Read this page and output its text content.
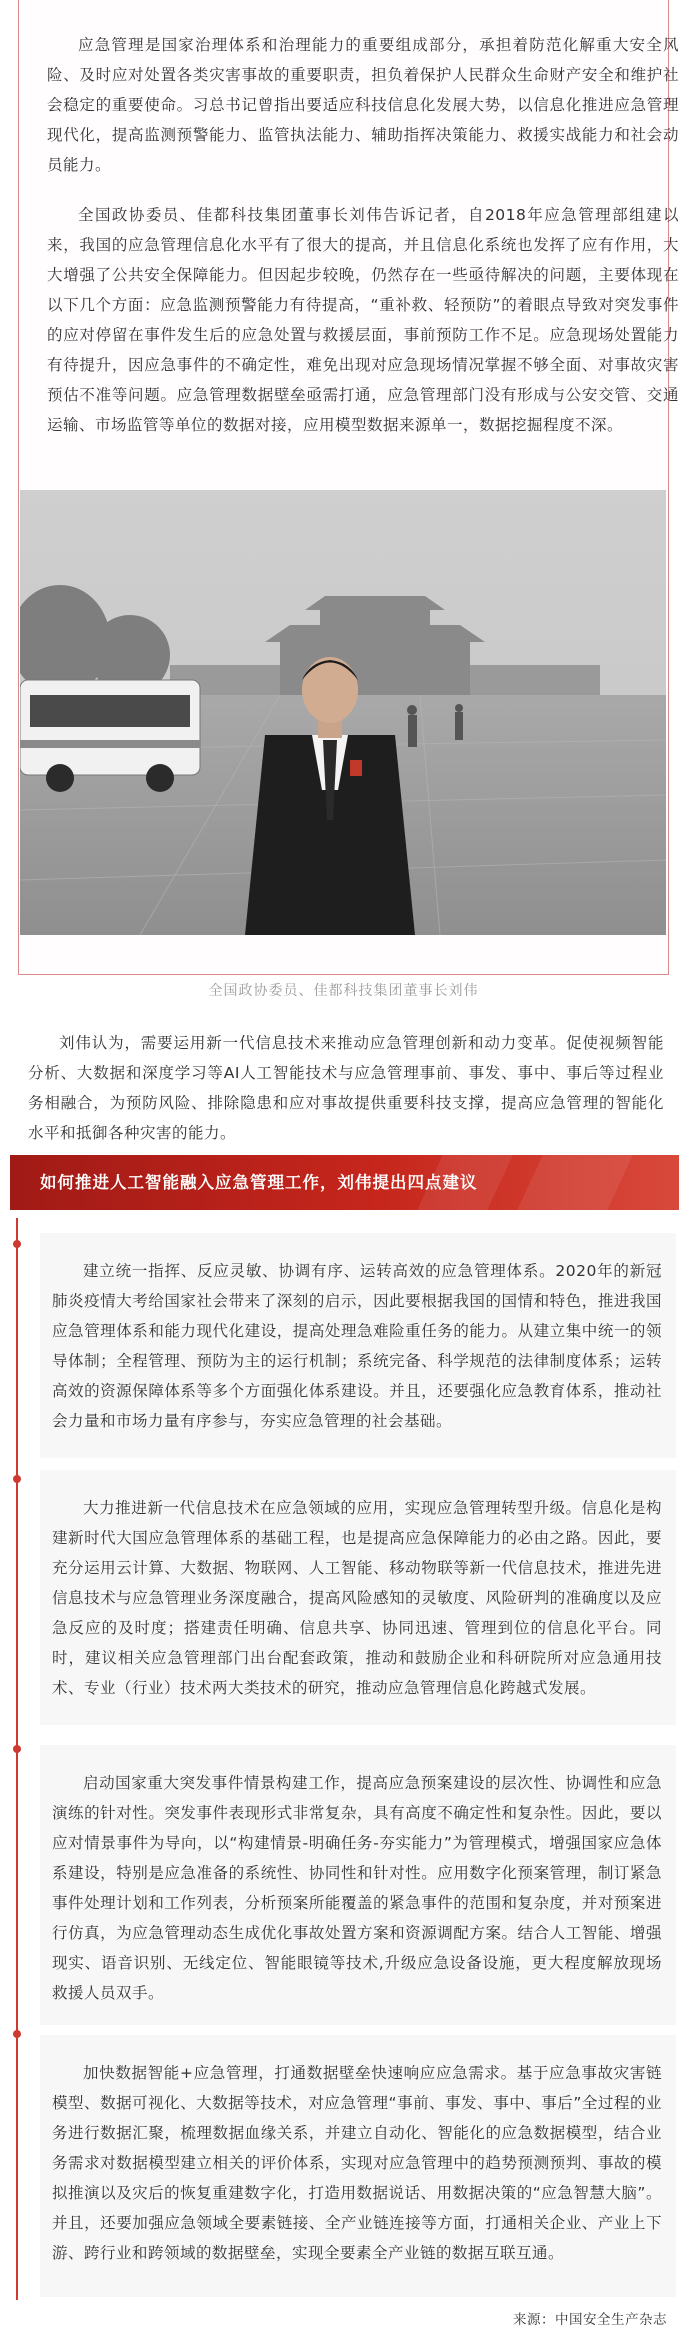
应急管理是国家治理体系和治理能力的重要组成部分，承担着防范化解重大安全风险、及时应对处置各类灾害事故的重要职责，担负着保护人民群众生命财产安全和维护社会稳定的重要使命。习总书记曾指出要适应科技信息化发展大势，以信息化推进应急管理现代化，提高监测预警能力、监管执法能力、辅助指挥决策能力、救援实战能力和社会动员能力。

全国政协委员、佳都科技集团董事长刘伟告诉记者，自2018年应急管理部组建以来，我国的应急管理信息化水平有了很大的提高，并且信息化系统也发挥了应有作用，大大增强了公共安全保障能力。但因起步较晚，仍然存在一些亟待解决的问题，主要体现在以下几个方面：应急监测预警能力有待提高，“重补救、轻预防”的着眼点导致对突发事件的应对停留在事件发生后的应急处置与救援层面，事前预防工作不足。应急现场处置能力有待提升，因应急事件的不确定性，难免出现对应急现场情况掌握不够全面、对事故灾害预估不准等问题。应急管理数据壁垒亟需打通，应急管理部门没有形成与公安交管、交通运输、市场监管等单位的数据对接，应用模型数据来源单一，数据挖掘程度不深。

全国政协委员、佳都科技集团董事长刘伟

刘伟认为，需要运用新一代信息技术来推动应急管理创新和动力变革。促使视频智能分析、大数据和深度学习等AI人工智能技术与应急管理事前、事发、事中、事后等过程业务相融合，为预防风险、排除隐患和应对事故提供重要科技支撑，提高应急管理的智能化水平和抵御各种灾害的能力。

如何推进人工智能融入应急管理工作，刘伟提出四点建议

建立统一指挥、反应灵敏、协调有序、运转高效的应急管理体系。2020年的新冠肺炎疫情大考给国家社会带来了深刻的启示，因此要根据我国的国情和特色，推进我国应急管理体系和能力现代化建设，提高处理急难险重任务的能力。从建立集中统一的领导体制；全程管理、预防为主的运行机制；系统完备、科学规范的法律制度体系；运转高效的资源保障体系等多个方面强化体系建设。并且，还要强化应急教育体系，推动社会力量和市场力量有序参与，夯实应急管理的社会基础。

大力推进新一代信息技术在应急领域的应用，实现应急管理转型升级。信息化是构建新时代大国应急管理体系的基础工程，也是提高应急保障能力的必由之路。因此，要充分运用云计算、大数据、物联网、人工智能、移动物联等新一代信息技术，推进先进信息技术与应急管理业务深度融合，提高风险感知的灵敏度、风险研判的准确度以及应急反应的及时度；搭建责任明确、信息共享、协同迅速、管理到位的信息化平台。同时，建议相关应急管理部门出台配套政策，推动和鼓励企业和科研院所对应急通用技术、专业（行业）技术两大类技术的研究，推动应急管理信息化跨越式发展。

启动国家重大突发事件情景构建工作，提高应急预案建设的层次性、协调性和应急演练的针对性。突发事件表现形式非常复杂，具有高度不确定性和复杂性。因此，要以应对情景事件为导向，以“构建情景-明确任务-夯实能力”为管理模式，增强国家应急体系建设，特别是应急准备的系统性、协同性和针对性。应用数字化预案管理，制订紧急事件处理计划和工作列表，分析预案所能覆盖的紧急事件的范围和复杂度，并对预案进行仿真，为应急管理动态生成优化事故处置方案和资源调配方案。结合人工智能、增强现实、语音识别、无线定位、智能眼镜等技术,升级应急设备设施，更大程度解放现场救援人员双手。

加快数据智能+应急管理，打通数据壁垒快速响应应急需求。基于应急事故灾害链模型、数据可视化、大数据等技术，对应急管理“事前、事发、事中、事后”全过程的业务进行数据汇聚，梳理数据血缘关系，并建立自动化、智能化的应急数据模型，结合业务需求对数据模型建立相关的评价体系，实现对应急管理中的趋势预测预判、事故的模拟推演以及灾后的恢复重建数字化，打造用数据说话、用数据决策的“应急智慧大脑”。并且，还要加强应急领域全要素链接、全产业链连接等方面，打通相关企业、产业上下游、跨行业和跨领域的数据壁垒，实现全要素全产业链的数据互联互通。

来源：中国安全生产杂志
